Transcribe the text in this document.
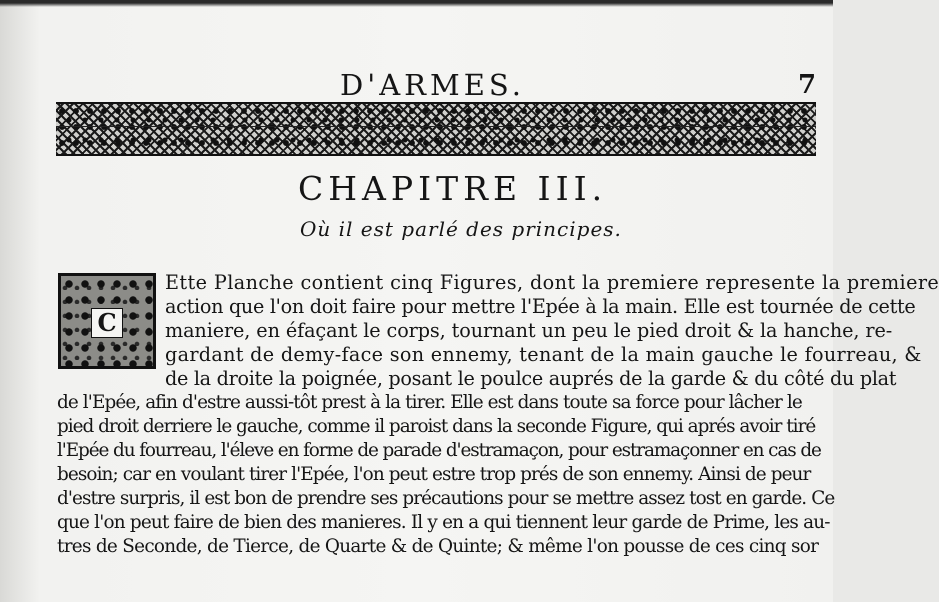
D'ARMES.	7
CHAPITRE III.
Où il est parlé des principes.
C
Ette Planche contient cinq Figures, dont la premiere represente la premiere
action que l'on doit faire pour mettre l'Epée à la main. Elle est tournée de cette
maniere, en éfaçant le corps, tournant un peu le pied droit & la hanche, re-
gardant de demy-face son ennemy, tenant de la main gauche le fourreau, &
de la droite la poignée, posant le poulce auprés de la garde & du côté du plat
de l'Epée, afin d'estre aussi-tôt prest à la tirer. Elle est dans toute sa force pour lâcher le
pied droit derriere le gauche, comme il paroist dans la seconde Figure, qui aprés avoir tiré
l'Epée du fourreau, l'éleve en forme de parade d'estramaçon, pour estramaçonner en cas de
besoin; car en voulant tirer l'Epée, l'on peut estre trop prés de son ennemy. Ainsi de peur
d'estre surpris, il est bon de prendre ses précautions pour se mettre assez tost en garde. Ce
que l'on peut faire de bien des manieres. Il y en a qui tiennent leur garde de Prime, les au-
tres de Seconde, de Tierce, de Quarte & de Quinte; & même l'on pousse de ces cinq sor
